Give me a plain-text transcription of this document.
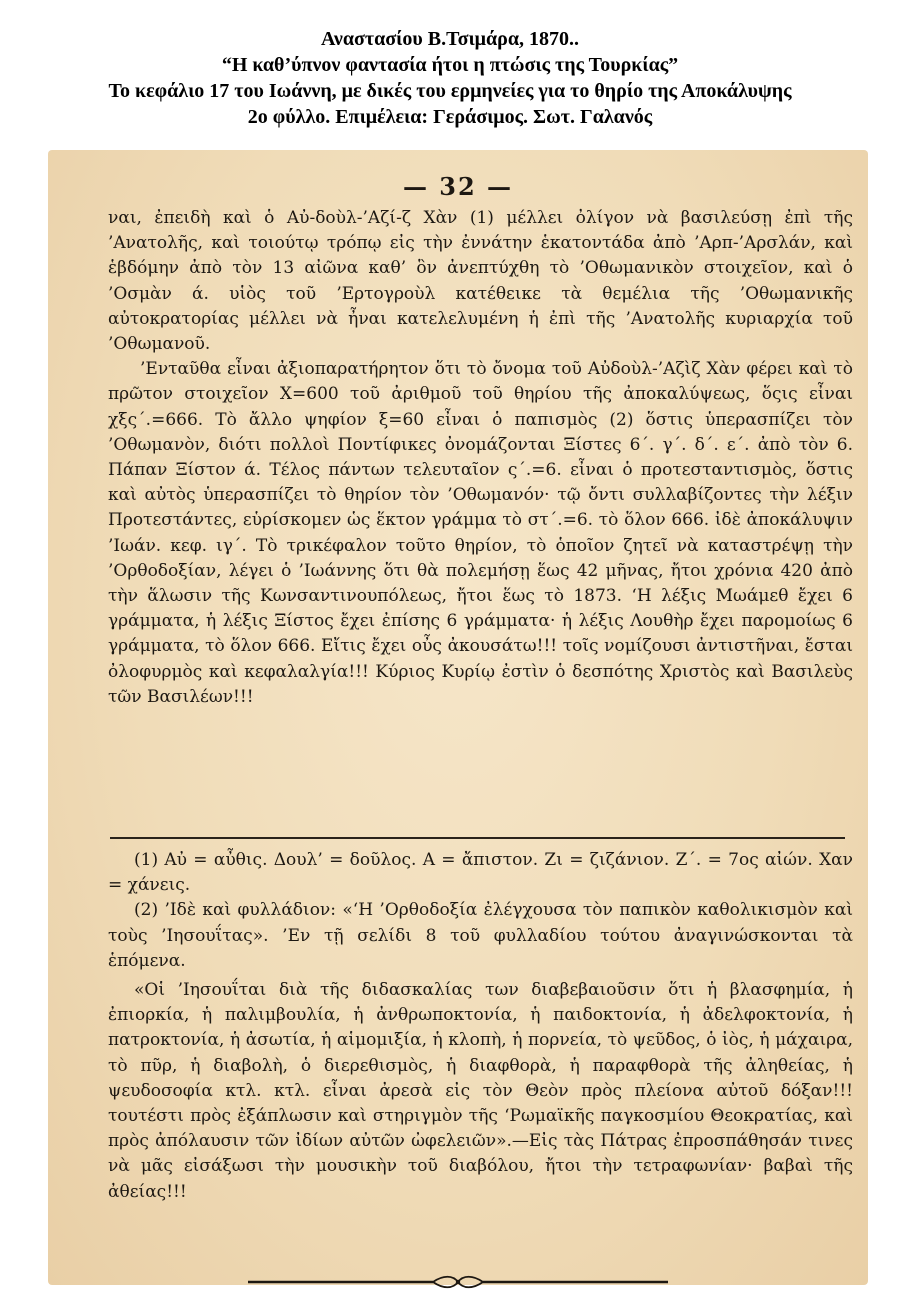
Αναστασίου Β.Τσιμάρα, 1870..
“Η καθ’ύπνον φαντασία ήτοι η πτώσις της Τουρκίας”
Το κεφάλιο 17 του Ιωάννη, με δικές του ερμηνείες για το θηρίο της Αποκάλυψης
2ο φύλλο. Επιμέλεια: Γεράσιμος. Σωτ. Γαλανός
— 32 —

ναι, ἐπειδὴ καὶ ὁ Αὐ-δοὺλ-’Αζί-ζ Χὰν (1) μέλλει ὀλίγον νὰ βασιλεύσῃ ἐπὶ τῆς ’Ανατολῆς, καὶ τοιούτῳ τρόπῳ εἰς τὴν ἐννάτην ἑκατοντάδα ἀπὸ ’Αρπ-’Αρσλάν, καὶ ἑβδόμην ἀπὸ τὸν 13 αἰῶνα καθ’ ὃν ἀνεπτύχθη τὸ ’Οθωμανικὸν στοιχεῖον, καὶ ὁ ’Οσμὰν ά. υἱὸς τοῦ ’Ερτογροὺλ κατέθεικε τὰ θεμέλια τῆς ’Οθωμανικῆς αὐτοκρατορίας μέλλει νὰ ἦναι κατελελυμένη ἡ ἐπὶ τῆς ’Ανατολῆς κυριαρχία τοῦ ’Οθωμανοῦ.

’Ενταῦθα εἶναι ἀξιοπαρατήρητον ὅτι τὸ ὄνομα τοῦ Αὐδοὺλ-’Αζὶζ Χὰν φέρει καὶ τὸ πρῶτον στοιχεῖον Χ=600 τοῦ ἀριθμοῦ τοῦ θηρίου τῆς ἀποκαλύψεως, ὅςις εἶναι χξς΄.=666. Τὸ ἄλλο ψηφίον ξ=60 εἶναι ὁ παπισμὸς (2) ὅστις ὑπερασπίζει τὸν ’Οθωμανὸν, διότι πολλοὶ Ποντίφικες ὀνομάζονται Ξίστες 6΄. γ΄. δ΄. ε΄. ἀπὸ τὸν 6. Πάπαν Ξίστον ά. Τέλος πάντων τελευταῖον ς΄.=6. εἶναι ὁ προτεσταντισμὸς, ὅστις καὶ αὐτὸς ὑπερασπίζει τὸ θηρίον τὸν ’Οθωμανόν· τῷ ὄντι συλλαβίζοντες τὴν λέξιν Προτεστάντες, εὑρίσκομεν ὡς ἕκτον γράμμα τὸ στ΄.=6. τὸ ὅλον 666. ἰδὲ ἀποκάλυψιν ’Ιωάν. κεφ. ιγ΄. Τὸ τρικέφαλον τοῦτο θηρίον, τὸ ὁποῖον ζητεῖ νὰ καταστρέψῃ τὴν ’Ορθοδοξίαν, λέγει ὁ ’Ιωάννης ὅτι θὰ πολεμήσῃ ἕως 42 μῆνας, ἤτοι χρόνια 420 ἀπὸ τὴν ἅλωσιν τῆς Κωνσαντινουπόλεως, ἤτοι ἕως τὸ 1873. ‘Η λέξις Μωάμεθ ἔχει 6 γράμματα, ἡ λέξις Ξίστος ἔχει ἐπίσης 6 γράμματα· ἡ λέξις Λουθὴρ ἔχει παρομοίως 6 γράμματα, τὸ ὅλον 666. Εἴτις ἔχει οὖς ἀκουσάτω!!! τοῖς νομίζουσι ἀντιστῆναι, ἔσται ὀλοφυρμὸς καὶ κεφαλαλγία!!! Κύριος Κυρίῳ ἐστὶν ὁ δεσπότης Χριστὸς καὶ Βασιλεὺς τῶν Βασιλέων!!!

(1) Αὐ = αὖθις. Δουλ’ = δοῦλος. Α = ἄπιστον. Ζι = ζιζάνιον. Ζ΄. = 7ος αἰών. Χαν = χάνεις.

(2) ’Ιδὲ καὶ φυλλάδιον: «‘Η ’Ορθοδοξία ἐλέγχουσα τὸν παπικὸν καθολικισμὸν καὶ τοὺς ’Ιησουΐτας». ’Εν τῇ σελίδι 8 τοῦ φυλλαδίου τούτου ἀναγινώσκονται τὰ ἑπόμενα.

«Οἱ ’Ιησουΐται διὰ τῆς διδασκαλίας των διαβεβαιοῦσιν ὅτι ἡ βλασφημία, ἡ ἐπιορκία, ἡ παλιμβουλία, ἡ ἀνθρωποκτονία, ἡ παιδοκτονία, ἡ ἀδελφοκτονία, ἡ πατροκτονία, ἡ ἀσωτία, ἡ αἱμομιξία, ἡ κλοπὴ, ἡ πορνεία, τὸ ψεῦδος, ὁ ἰὸς, ἡ μάχαιρα, τὸ πῦρ, ἡ διαβολὴ, ὁ διερεθισμὸς, ἡ διαφθορὰ, ἡ παραφθορὰ τῆς ἀληθείας, ἡ ψευδοσοφία κτλ. κτλ. εἶναι ἀρεσὰ εἰς τὸν Θεὸν πρὸς πλείονα αὐτοῦ δόξαν!!! τουτέστι πρὸς ἐξάπλωσιν καὶ στηριγμὸν τῆς ‘Ρωμαϊκῆς παγκοσμίου Θεοκρατίας, καὶ πρὸς ἀπόλαυσιν τῶν ἰδίων αὐτῶν ὠφελειῶν».—Εἰς τὰς Πάτρας ἐπροσπάθησάν τινες νὰ μᾶς εἰσάξωσι τὴν μουσικὴν τοῦ διαβόλου, ἤτοι τὴν τετραφωνίαν· βαβαὶ τῆς ἀθείας!!!
